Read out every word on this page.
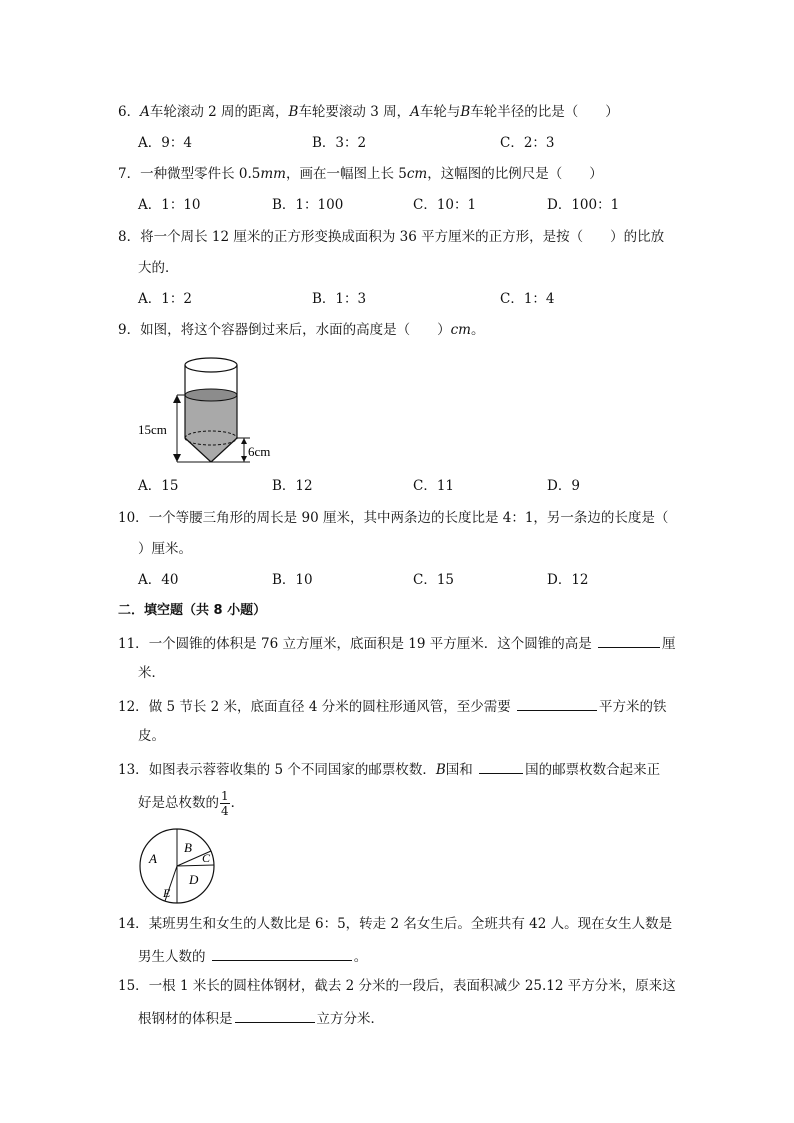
6．A车轮滚动 2 周的距离，B车轮要滚动 3 周，A车轮与B车轮半径的比是（　　）
A．9：4	B．3：2	C．2：3
7．一种微型零件长 0.5mm，画在一幅图上长 5cm，这幅图的比例尺是（　　）
A．1：10	B．1：100	C．10：1	D．100：1
8．将一个周长 12 厘米的正方形变换成面积为 36 平方厘米的正方形，是按（　　）的比放
大的．
A．1：2	B．1：3	C．1：4
9．如图，将这个容器倒过来后，水面的高度是（　　）cm。
15cm
6cm
A．15	B．12	C．11	D．9
10．一个等腰三角形的周长是 90 厘米，其中两条边的长度比是 4：1，另一条边的长度是（
）厘米。
A．40	B．10	C．15	D．12
二．填空题（共 8 小题）
11．一个圆锥的体积是 76 立方厘米，底面积是 19 平方厘米．这个圆锥的高是	厘
米．
12．做 5 节长 2 米，底面直径 4 分米的圆柱形通风管，至少需要	平方米的铁
皮。
13．如图表示蓉蓉收集的 5 个不同国家的邮票枚数．B国和	国的邮票枚数合起来正
好是总枚数的 $\frac{1}{4}$ ．
A
B
C
D
E
14．某班男生和女生的人数比是 6：5，转走 2 名女生后。全班共有 42 人。现在女生人数是
男生人数的	。
15．一根 1 米长的圆柱体钢材，截去 2 分米的一段后，表面积减少 25.12 平方分米，原来这
根钢材的体积是	立方分米．
